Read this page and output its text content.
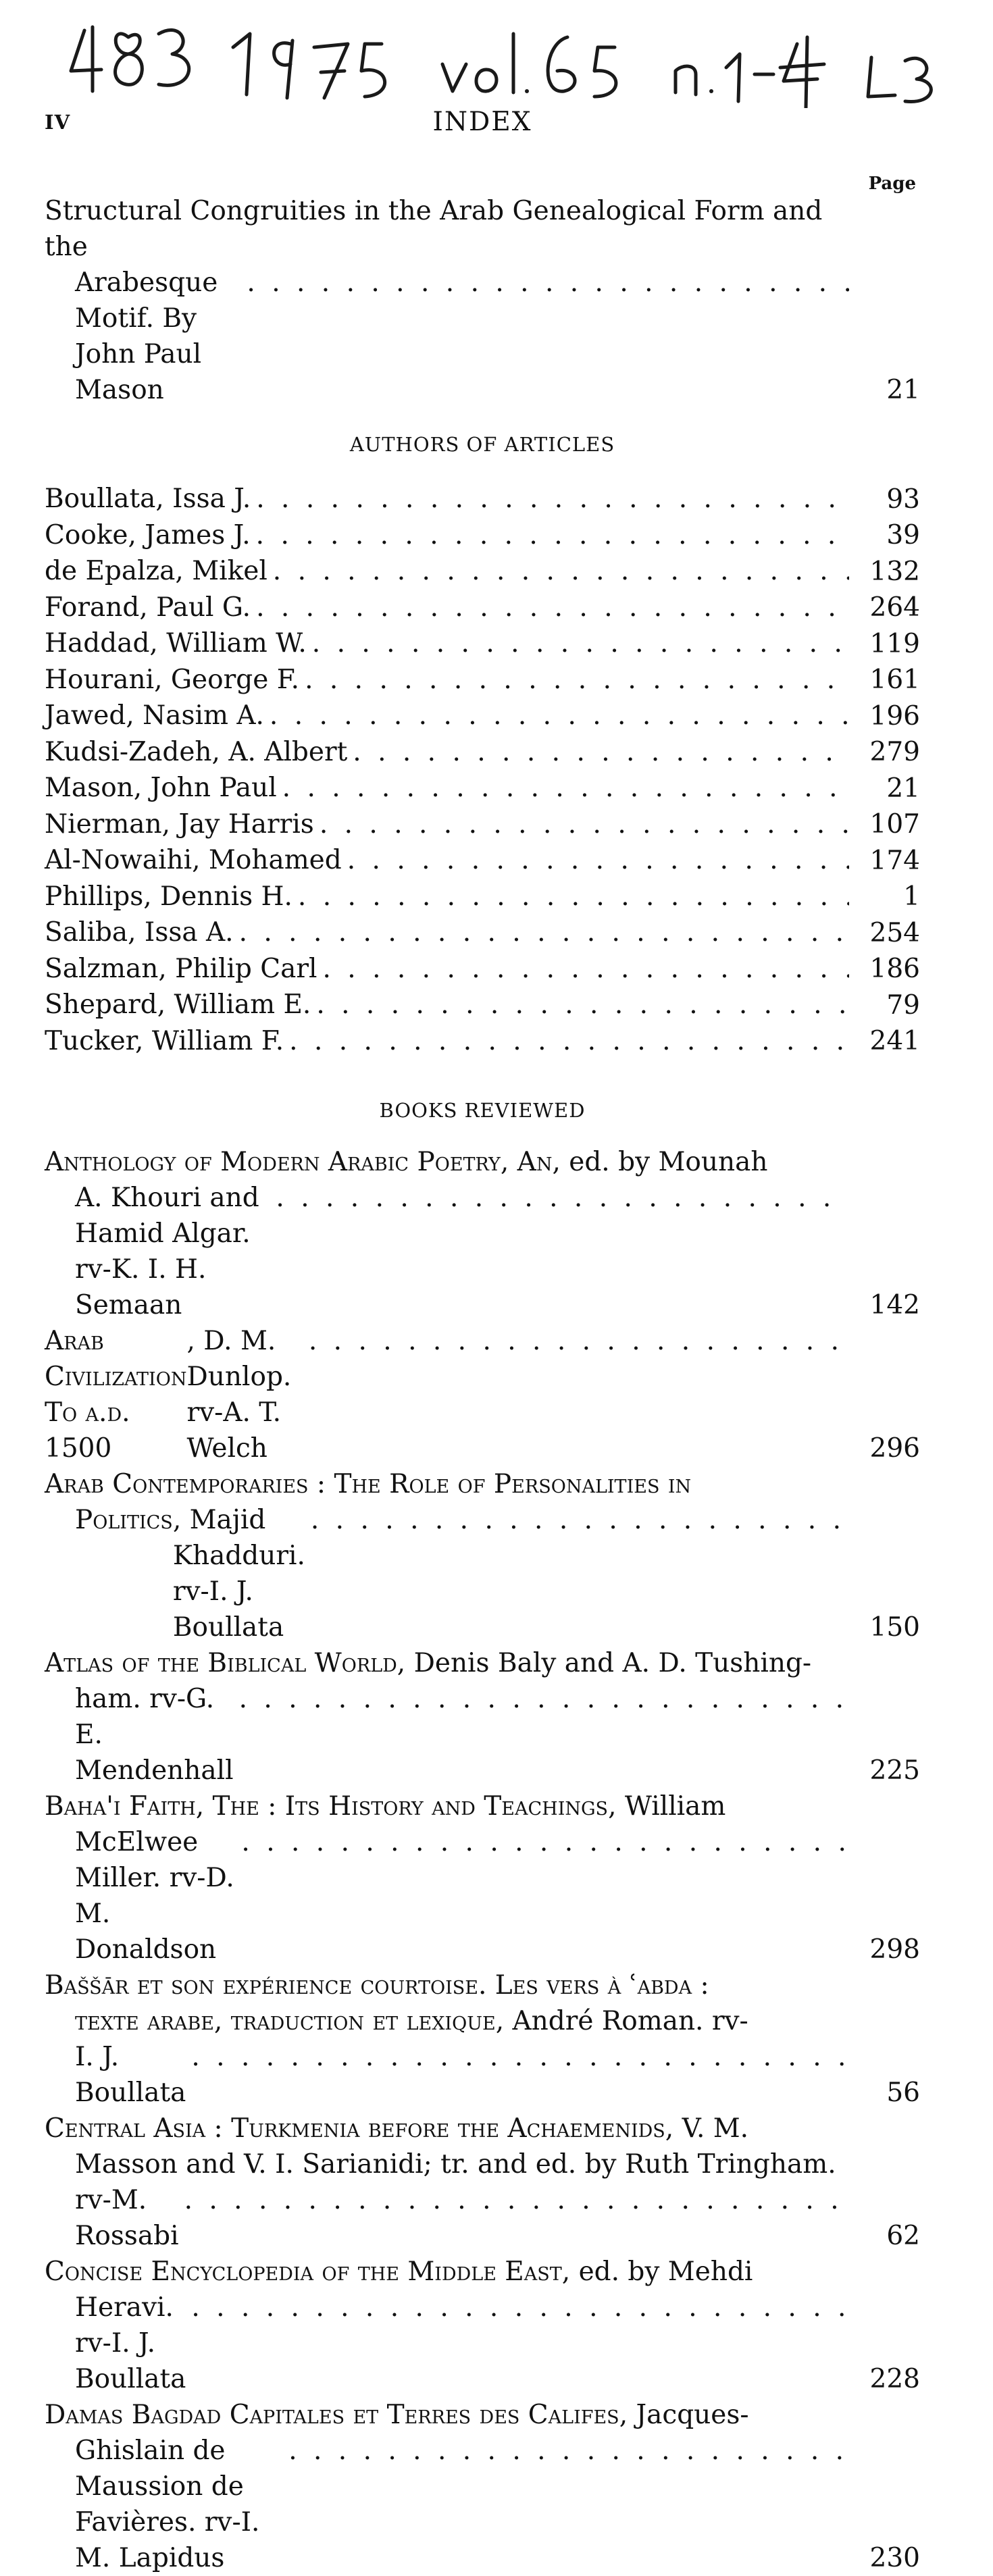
IV	INDEX
Page
Structural Congruities in the Arab Genealogical Form and the
Arabesque Motif. By John Paul Mason
. . .	21
AUTHORS OF ARTICLES
Boullata, Issa J. . . .	93
Cooke, James J. . . .	39
de Epalza, Mikel . . .	132
Forand, Paul G. . . .	264
Haddad, William W. . . .	119
Hourani, George F. . . .	161
Jawed, Nasim A. . . .	196
Kudsi-Zadeh, A. Albert . . .	279
Mason, John Paul . . .	21
Nierman, Jay Harris . . .	107
Al-Nowaihi, Mohamed . . .	174
Phillips, Dennis H. . . .	1
Saliba, Issa A. . . .	254
Salzman, Philip Carl . . .	186
Shepard, William E. . . .	79
Tucker, William F. . . .	241
BOOKS REVIEWED
Anthology of Modern Arabic Poetry, An , ed. by Mounah
A. Khouri and Hamid Algar. rv-K. I. H. Semaan
. . .	142
Arab Civilization To a.d. 1500
, D. M. Dunlop. rv-A. T. Welch
. . .	296
Arab Contemporaries : The Role of Personalities in
Politics , Majid Khadduri. rv-I. J. Boullata
. . .	150
Atlas of the Biblical World , Denis Baly and A. D. Tushing-
ham. rv-G. E. Mendenhall
. . .	225
Baha'i Faith, The : Its History and Teachings , William
McElwee Miller. rv-D. M. Donaldson
. . .	298
Baššār et son expérience courtoise. Les vers à ʿabda :
texte arabe, traduction et lexique, André Roman. rv-
I. J. Boullata
. . .	56
Central Asia : Turkmenia before the Achaemenids , V. M.
Masson and V. I. Sarianidi; tr. and ed. by Ruth Tringham.
rv-M. Rossabi
. . .	62
Concise Encyclopedia of the Middle East , ed. by Mehdi
Heravi. rv-I. J. Boullata
. . .	228
Damas Bagdad Capitales et Terres des Califes , Jacques-
Ghislain de Maussion de Favières. rv-I. M. Lapidus
. . .	230
